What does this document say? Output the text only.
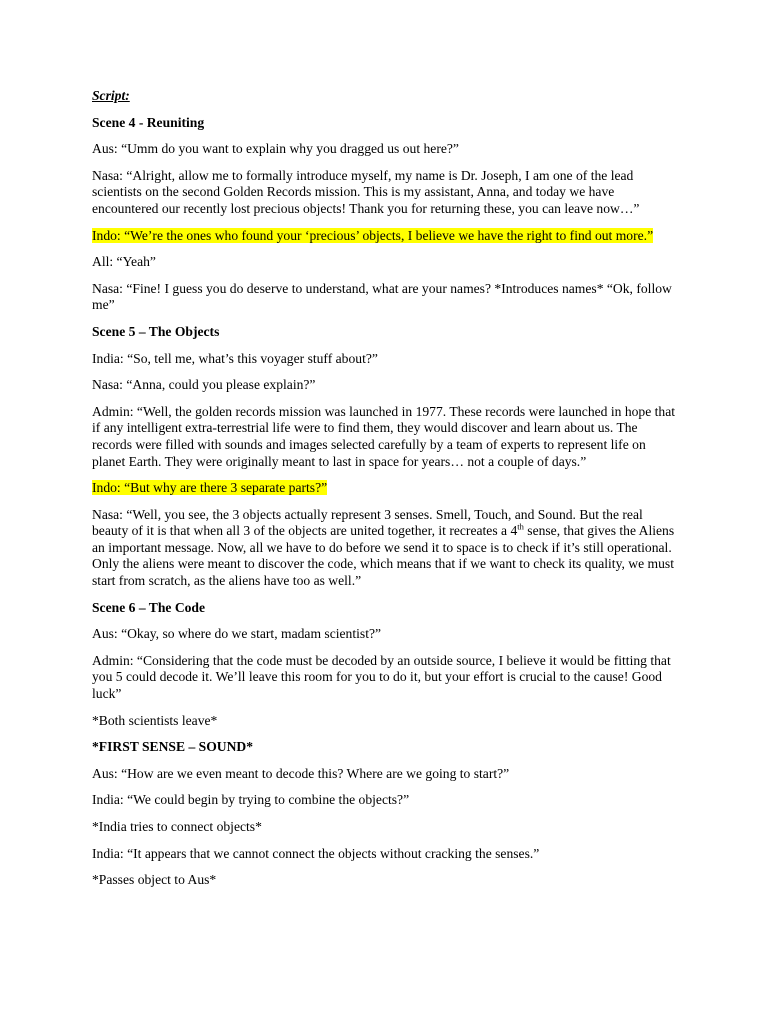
Script:
Scene 4 - Reuniting
Aus: “Umm do you want to explain why you dragged us out here?”
Nasa: “Alright, allow me to formally introduce myself, my name is Dr. Joseph, I am one of the lead scientists on the second Golden Records mission. This is my assistant, Anna, and today we have encountered our recently lost precious objects! Thank you for returning these, you can leave now…”
Indo: “We’re the ones who found your ‘precious’ objects, I believe we have the right to find out more.”
All: “Yeah”
Nasa: “Fine! I guess you do deserve to understand, what are your names? *Introduces names* “Ok, follow me”
Scene 5 – The Objects
India: “So, tell me, what’s this voyager stuff about?”
Nasa: “Anna, could you please explain?”
Admin: “Well, the golden records mission was launched in 1977. These records were launched in hope that if any intelligent extra-terrestrial life were to find them, they would discover and learn about us. The records were filled with sounds and images selected carefully by a team of experts to represent life on planet Earth. They were originally meant to last in space for years… not a couple of days.”
Indo: “But why are there 3 separate parts?”
Nasa: “Well, you see, the 3 objects actually represent 3 senses. Smell, Touch, and Sound. But the real beauty of it is that when all 3 of the objects are united together, it recreates a 4th sense, that gives the Aliens an important message. Now, all we have to do before we send it to space is to check if it’s still operational. Only the aliens were meant to discover the code, which means that if we want to check its quality, we must start from scratch, as the aliens have too as well.”
Scene 6 – The Code
Aus: “Okay, so where do we start, madam scientist?”
Admin: “Considering that the code must be decoded by an outside source, I believe it would be fitting that you 5 could decode it. We’ll leave this room for you to do it, but your effort is crucial to the cause! Good luck”
*Both scientists leave*
*FIRST SENSE – SOUND*
Aus: “How are we even meant to decode this? Where are we going to start?”
India: “We could begin by trying to combine the objects?”
*India tries to connect objects*
India: “It appears that we cannot connect the objects without cracking the senses.”
*Passes object to Aus*
